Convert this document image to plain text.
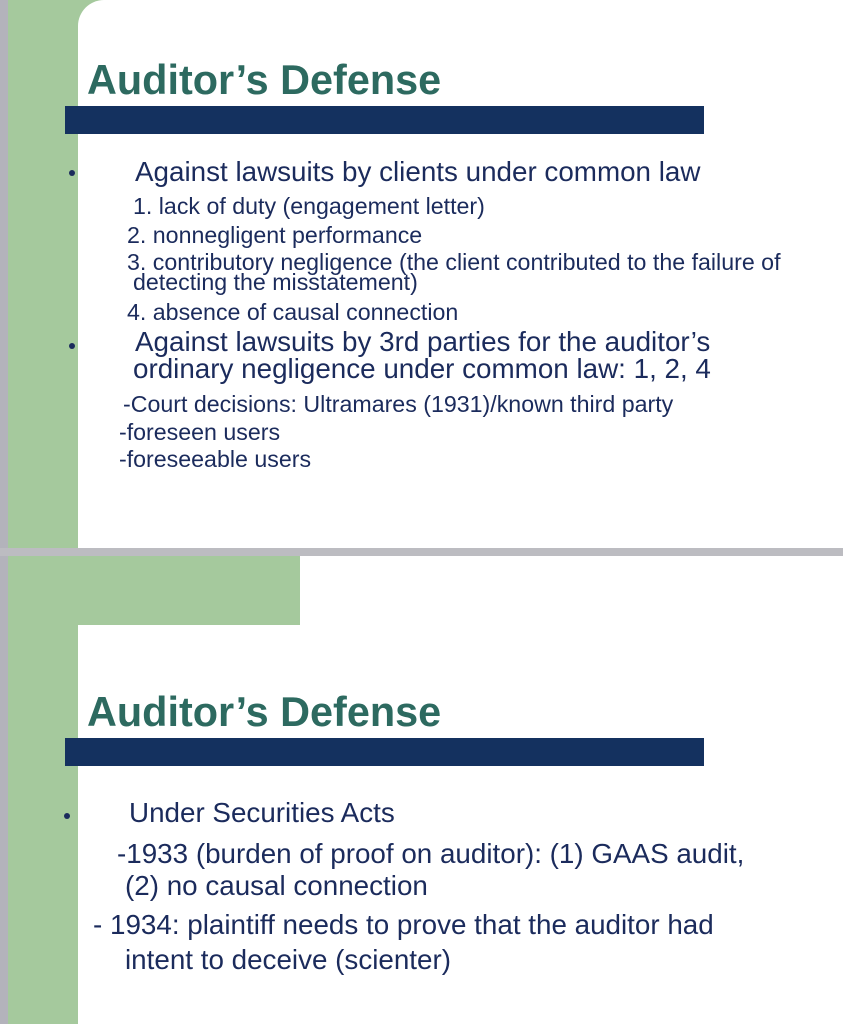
Auditor’s Defense
Against lawsuits by clients under common law
1. lack of duty (engagement letter)
2. nonnegligent performance
3. contributory negligence (the client contributed to the failure of
detecting the misstatement)
4. absence of causal connection
Against lawsuits by 3rd parties for the auditor’s
ordinary negligence under common law: 1, 2, 4
-Court decisions: Ultramares (1931)/known third party
-foreseen users
-foreseeable users
Auditor’s Defense
Under Securities Acts
-1933 (burden of proof on auditor): (1) GAAS audit,
(2) no causal connection
- 1934: plaintiff needs to prove that the auditor had
intent to deceive (scienter)
